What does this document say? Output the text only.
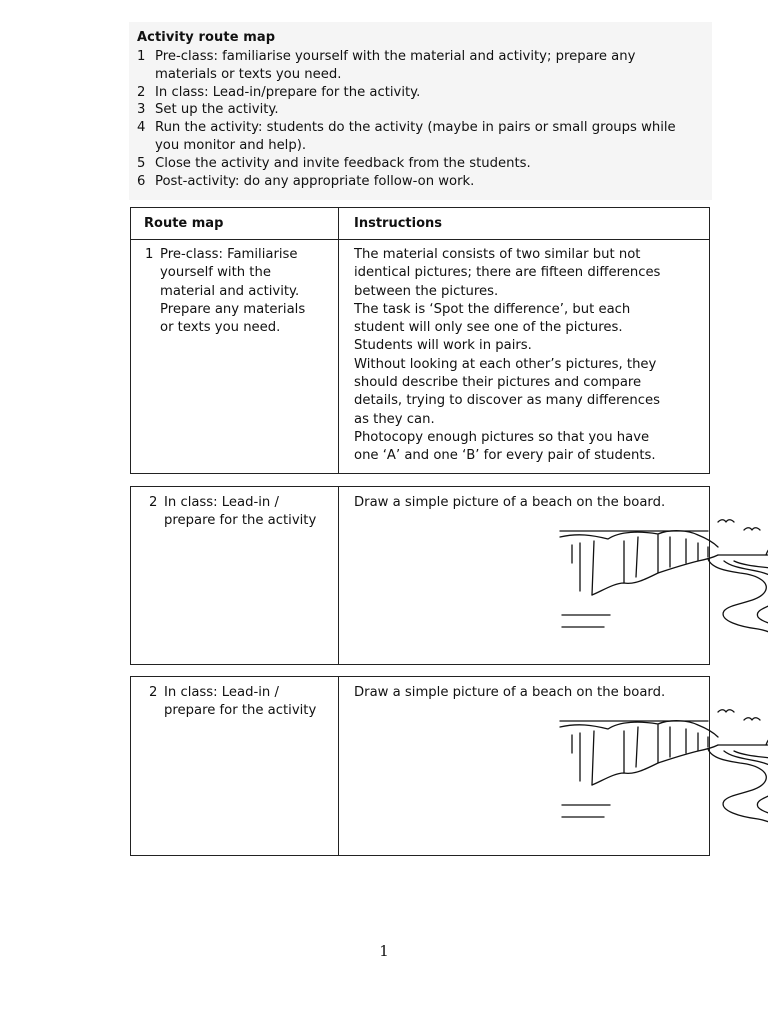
Activity route map
1 Pre-class: familiarise yourself with the material and activity; prepare any
materials or texts you need.
2 In class: Lead-in/prepare for the activity.
3 Set up the activity.
4 Run the activity: students do the activity (maybe in pairs or small groups while
you monitor and help).
5 Close the activity and invite feedback from the students.
6 Post-activity: do any appropriate follow-on work.
Route map	Instructions
1 Pre-class: Familiarise
yourself with the
material and activity.
Prepare any materials
or texts you need.
The material consists of two similar but not
identical pictures; there are fifteen differences
between the pictures.
The task is ‘Spot the difference’, but each
student will only see one of the pictures.
Students will work in pairs.
Without looking at each other’s pictures, they
should describe their pictures and compare
details, trying to discover as many differences
as they can.
Photocopy enough pictures so that you have
one ‘A’ and one ‘B’ for every pair of students.
2 In class: Lead-in /
prepare for the activity
Draw a simple picture of a beach on the board.
2 In class: Lead-in /
prepare for the activity
Draw a simple picture of a beach on the board.
1
